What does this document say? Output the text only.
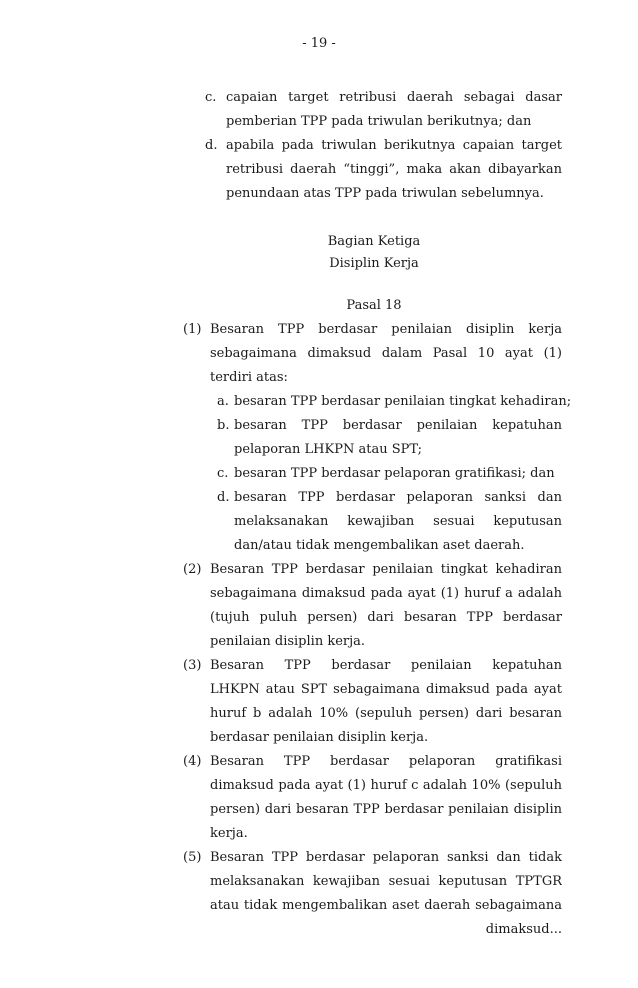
- 19 -
c. capaian target retribusi daerah sebagai dasar
pemberian TPP pada triwulan berikutnya; dan
d. apabila pada triwulan berikutnya capaian target
retribusi daerah “tinggi”, maka akan dibayarkan
penundaan atas TPP pada triwulan sebelumnya.
Bagian Ketiga
Disiplin Kerja
Pasal 18
(1) Besaran TPP berdasar penilaian disiplin kerja
sebagaimana dimaksud dalam Pasal 10 ayat (1)
terdiri atas:
a. besaran TPP berdasar penilaian tingkat kehadiran;
b. besaran TPP berdasar penilaian kepatuhan
pelaporan LHKPN atau SPT;
c. besaran TPP berdasar pelaporan gratifikasi; dan
d. besaran TPP berdasar pelaporan sanksi dan
melaksanakan kewajiban sesuai keputusan
dan/atau tidak mengembalikan aset daerah.
(2) Besaran TPP berdasar penilaian tingkat kehadiran
sebagaimana dimaksud pada ayat (1) huruf a adalah
(tujuh puluh persen) dari besaran TPP berdasar
penilaian disiplin kerja.
(3) Besaran TPP berdasar penilaian kepatuhan
LHKPN atau SPT sebagaimana dimaksud pada ayat
huruf b adalah 10% (sepuluh persen) dari besaran
berdasar penilaian disiplin kerja.
(4) Besaran TPP berdasar pelaporan gratifikasi
dimaksud pada ayat (1) huruf c adalah 10% (sepuluh
persen) dari besaran TPP berdasar penilaian disiplin
kerja.
(5) Besaran TPP berdasar pelaporan sanksi dan tidak
melaksanakan kewajiban sesuai keputusan TPTGR
atau tidak mengembalikan aset daerah sebagaimana
dimaksud...
